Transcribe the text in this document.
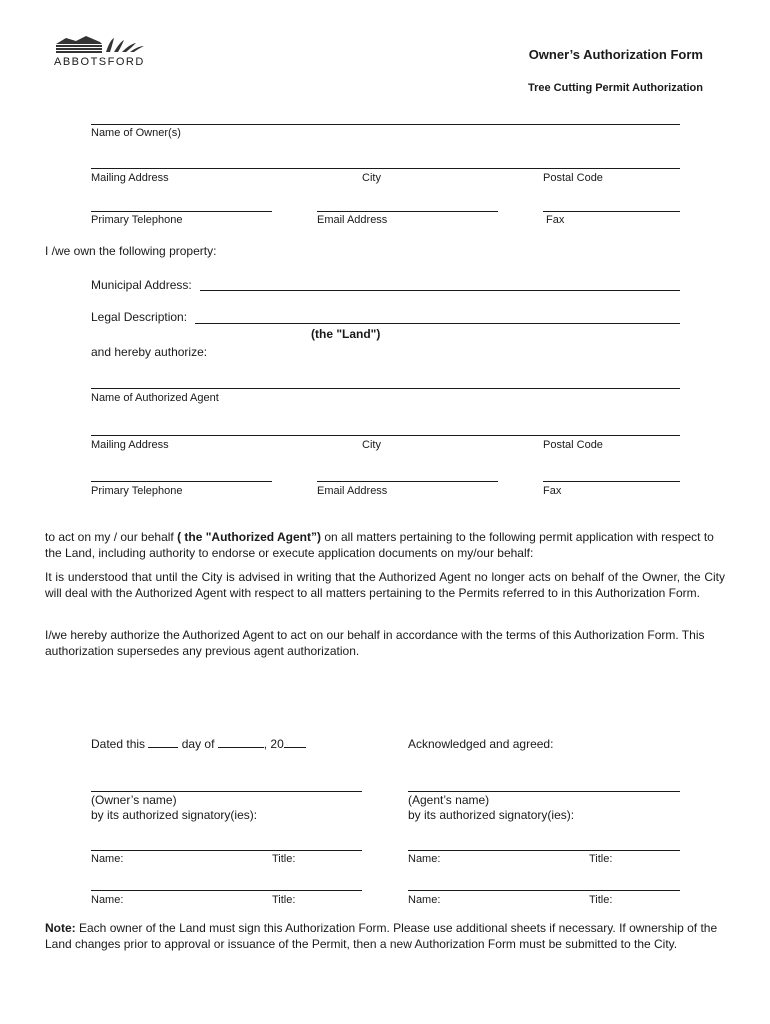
ABBOTSFORD	Owner’s Authorization Form
Tree Cutting Permit Authorization
Name of Owner(s)
Mailing Address	City	Postal Code
Primary Telephone	Email Address	Fax
I /we own the following property:
Municipal Address:
Legal Description:
(the "Land")
and hereby authorize:
Name of Authorized Agent
Mailing Address	City	Postal Code
Primary Telephone	Email Address	Fax
to act on my / our behalf ( the "Authorized Agent”) on all matters pertaining to the following permit application with respect to the Land, including authority to endorse or execute application documents on my/our behalf:
It is understood that until the City is advised in writing that the Authorized Agent no longer acts on behalf of the Owner, the City will deal with the Authorized Agent with respect to all matters pertaining to the Permits referred to in this Authorization Form.
I/we hereby authorize the Authorized Agent to act on our behalf in accordance with the terms of this Authorization Form. This authorization supersedes any previous agent authorization.
Dated this	day of	, 20	Acknowledged and agreed:
(Owner’s name)
by its authorized signatory(ies):
(Agent’s name)
by its authorized signatory(ies):
Name:	Title:	Name:	Title:
Name:	Title:	Name:	Title:
Note: Each owner of the Land must sign this Authorization Form. Please use additional sheets if necessary. If ownership of the Land changes prior to approval or issuance of the Permit, then a new Authorization Form must be submitted to the City.
